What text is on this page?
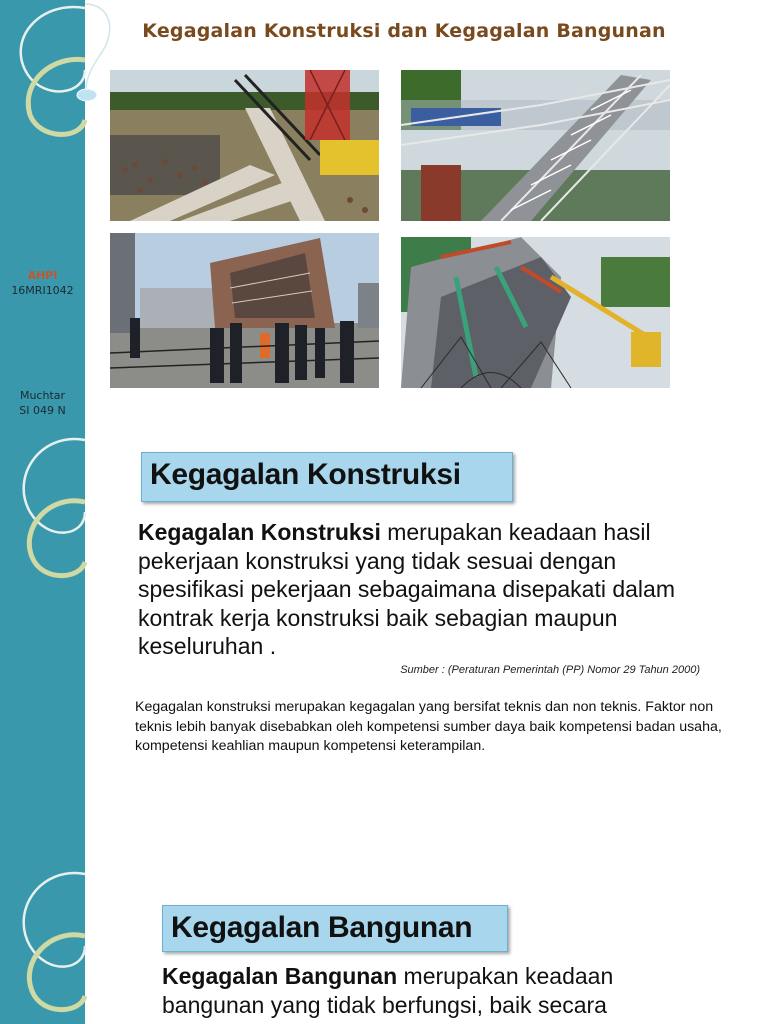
Kegagalan Konstruksi dan Kegagalan Bangunan
AHPI
16MRI1042
Muchtar
SI 049 N
Kegagalan Konstruksi
Kegagalan Konstruksi merupakan keadaan hasil pekerjaan konstruksi yang tidak sesuai dengan spesifikasi pekerjaan sebagaimana disepakati dalam kontrak kerja konstruksi baik sebagian maupun keseluruhan .
Sumber : (Peraturan Pemerintah (PP) Nomor 29 Tahun 2000)
Kegagalan konstruksi merupakan kegagalan yang bersifat teknis dan non teknis. Faktor non teknis lebih banyak disebabkan oleh kompetensi sumber daya baik kompetensi badan usaha, kompetensi keahlian maupun kompetensi keterampilan.
Kegagalan Bangunan
Kegagalan Bangunan merupakan keadaan bangunan yang tidak berfungsi, baik secara
